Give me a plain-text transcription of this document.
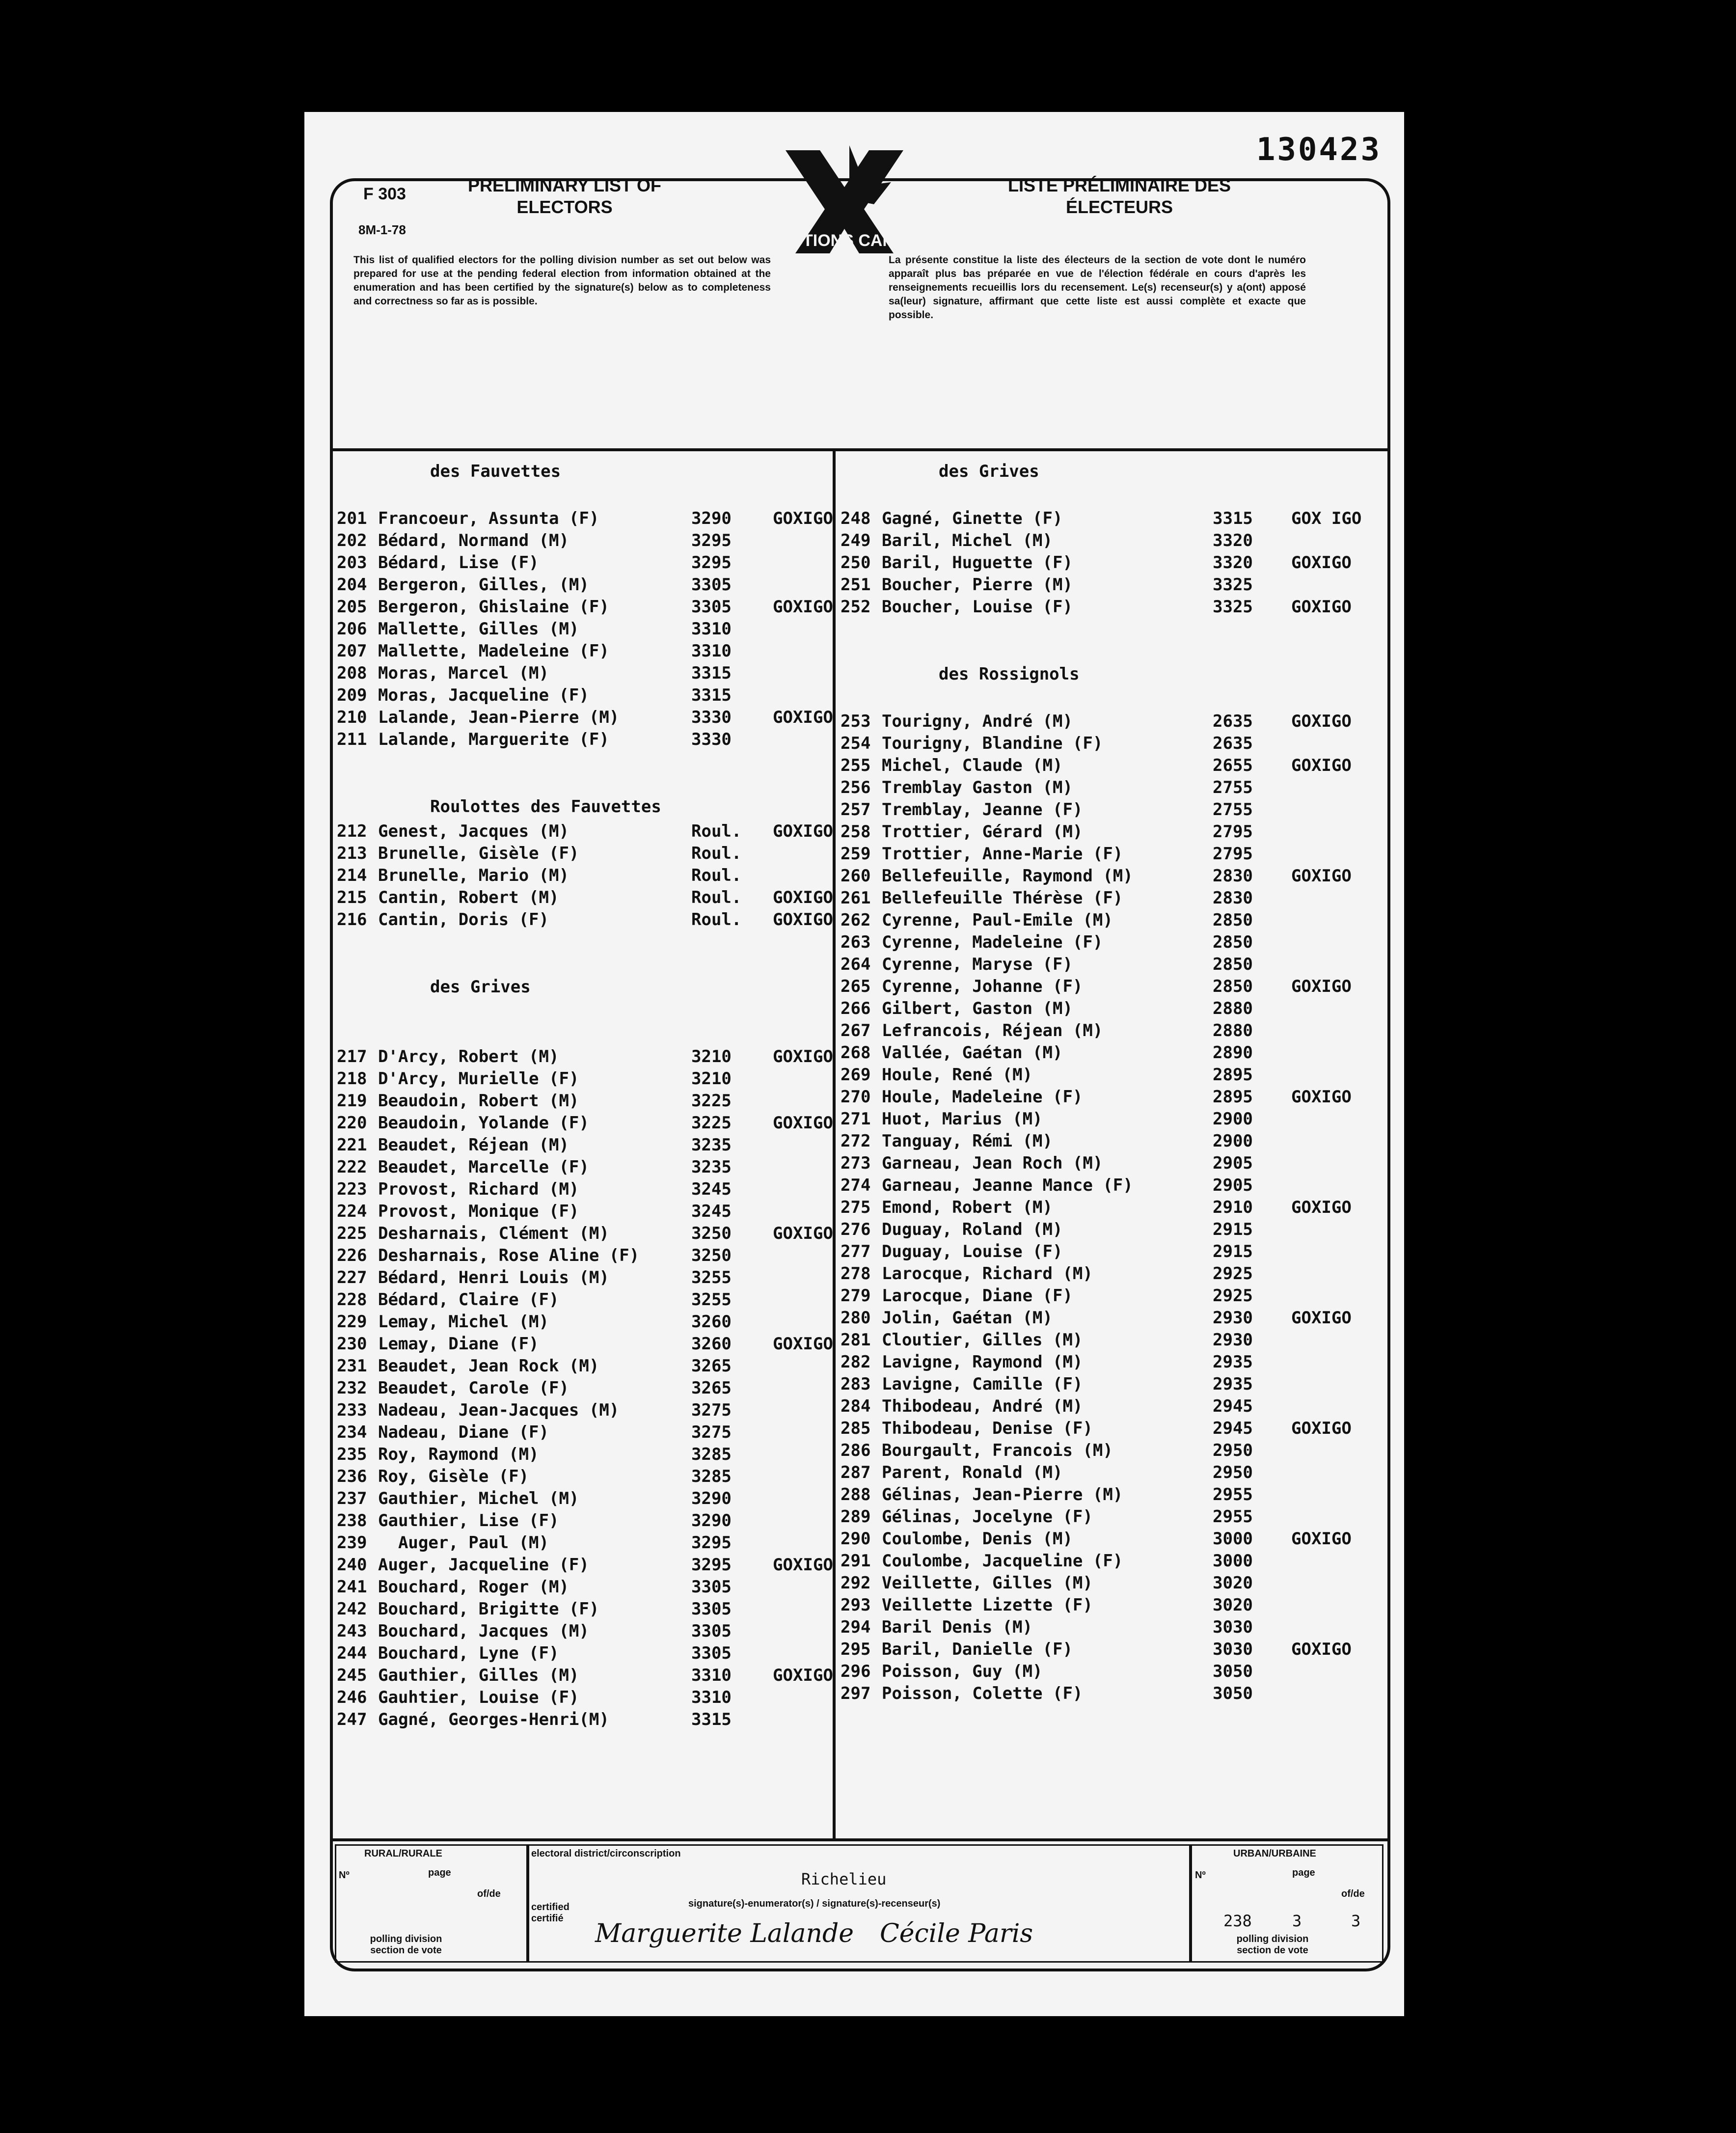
130423
F 303
8M-1-78
PRELIMINARY LIST OF ELECTORS
LISTE PRÉLIMINAIRE DES ÉLECTEURS
ELECTIONS CANADA
This list of qualified electors for the polling division number as set out below was prepared for use at the pending federal election from information obtained at the enumeration and has been certified by the signature(s) below as to completeness and correctness so far as is possible.
La présente constitue la liste des électeurs de la section de vote dont le numéro apparaît plus bas préparée en vue de l'élection fédérale en cours d'après les renseignements recueillis lors du recensement. Le(s) recenseur(s) y a(ont) apposé sa(leur) signature, affirmant que cette liste est aussi complète et exacte que possible.
des Fauvettes
201 Francoeur, Assunta (F)	3290 GOXIGO
202 Bédard, Normand (M)	3295
203 Bédard, Lise (F)	3295
204 Bergeron, Gilles, (M)	3305
205 Bergeron, Ghislaine (F)	3305 GOXIGO
206 Mallette, Gilles (M)	3310
207 Mallette, Madeleine (F)	3310
208 Moras, Marcel (M)	3315
209 Moras, Jacqueline (F)	3315
210 Lalande, Jean-Pierre (M)	3330 GOXIGO
211 Lalande, Marguerite (F)	3330
Roulottes des Fauvettes
212 Genest, Jacques (M)	Roul. GOXIGO
213 Brunelle, Gisèle (F)	Roul.
214 Brunelle, Mario (M)	Roul.
215 Cantin, Robert (M)	Roul. GOXIGO
216 Cantin, Doris (F)	Roul. GOXIGO
des Grives
217 D'Arcy, Robert (M)	3210 GOXIGO
218 D'Arcy, Murielle (F)	3210
219 Beaudoin, Robert (M)	3225
220 Beaudoin, Yolande (F)	3225 GOXIGO
221 Beaudet, Réjean (M)	3235
222 Beaudet, Marcelle (F)	3235
223 Provost, Richard (M)	3245
224 Provost, Monique (F)	3245
225 Desharnais, Clément (M)	3250 GOXIGO
226 Desharnais, Rose Aline (F)	3250
227 Bédard, Henri Louis (M)	3255
228 Bédard, Claire (F)	3255
229 Lemay, Michel (M)	3260
230 Lemay, Diane (F)	3260 GOXIGO
231 Beaudet, Jean Rock (M)	3265
232 Beaudet, Carole (F)	3265
233 Nadeau, Jean-Jacques (M)	3275
234 Nadeau, Diane (F)	3275
235 Roy, Raymond (M)	3285
236 Roy, Gisèle (F)	3285
237 Gauthier, Michel (M)	3290
238 Gauthier, Lise (F)	3290
239 Auger, Paul (M)	3295
240 Auger, Jacqueline (F)	3295 GOXIGO
241 Bouchard, Roger (M)	3305
242 Bouchard, Brigitte (F)	3305
243 Bouchard, Jacques (M)	3305
244 Bouchard, Lyne (F)	3305
245 Gauthier, Gilles (M)	3310 GOXIGO
246 Gauhtier, Louise (F)	3310
247 Gagné, Georges-Henri(M)	3315
des Grives
248 Gagné, Ginette (F)	3315 GOX IGO
249 Baril, Michel (M)	3320
250 Baril, Huguette (F)	3320 GOXIGO
251 Boucher, Pierre (M)	3325
252 Boucher, Louise (F)	3325 GOXIGO
des Rossignols
253 Tourigny, André (M)	2635 GOXIGO
254 Tourigny, Blandine (F)	2635
255 Michel, Claude (M)	2655 GOXIGO
256 Tremblay Gaston (M)	2755
257 Tremblay, Jeanne (F)	2755
258 Trottier, Gérard (M)	2795
259 Trottier, Anne-Marie (F)	2795
260 Bellefeuille, Raymond (M)	2830 GOXIGO
261 Bellefeuille Thérèse (F)	2830
262 Cyrenne, Paul-Emile (M)	2850
263 Cyrenne, Madeleine (F)	2850
264 Cyrenne, Maryse (F)	2850
265 Cyrenne, Johanne (F)	2850 GOXIGO
266 Gilbert, Gaston (M)	2880
267 Lefrancois, Réjean (M)	2880
268 Vallée, Gaétan (M)	2890
269 Houle, René (M)	2895
270 Houle, Madeleine (F)	2895 GOXIGO
271 Huot, Marius (M)	2900
272 Tanguay, Rémi (M)	2900
273 Garneau, Jean Roch (M)	2905
274 Garneau, Jeanne Mance (F)	2905
275 Emond, Robert (M)	2910 GOXIGO
276 Duguay, Roland (M)	2915
277 Duguay, Louise (F)	2915
278 Larocque, Richard (M)	2925
279 Larocque, Diane (F)	2925
280 Jolin, Gaétan (M)	2930 GOXIGO
281 Cloutier, Gilles (M)	2930
282 Lavigne, Raymond (M)	2935
283 Lavigne, Camille (F)	2935
284 Thibodeau, André (M)	2945
285 Thibodeau, Denise (F)	2945 GOXIGO
286 Bourgault, Francois (M)	2950
287 Parent, Ronald (M)	2950
288 Gélinas, Jean-Pierre (M)	2955
289 Gélinas, Jocelyne (F)	2955
290 Coulombe, Denis (M)	3000 GOXIGO
291 Coulombe, Jacqueline (F)	3000
292 Veillette, Gilles (M)	3020
293 Veillette Lizette (F)	3020
294 Baril Denis (M)	3030
295 Baril, Danielle (F)	3030 GOXIGO
296 Poisson, Guy (M)	3050
297 Poisson, Colette (F)	3050
RURAL/RURALE
Nº	page
of/de
polling division section de vote
electoral district/circonscription
Richelieu
certified certifié
signature(s)-enumerator(s) / signature(s)-recenseur(s)
Marguerite Lalande Cécile Paris
URBAN/URBAINE
Nº	page
of/de
238	3	3
polling division section de vote
